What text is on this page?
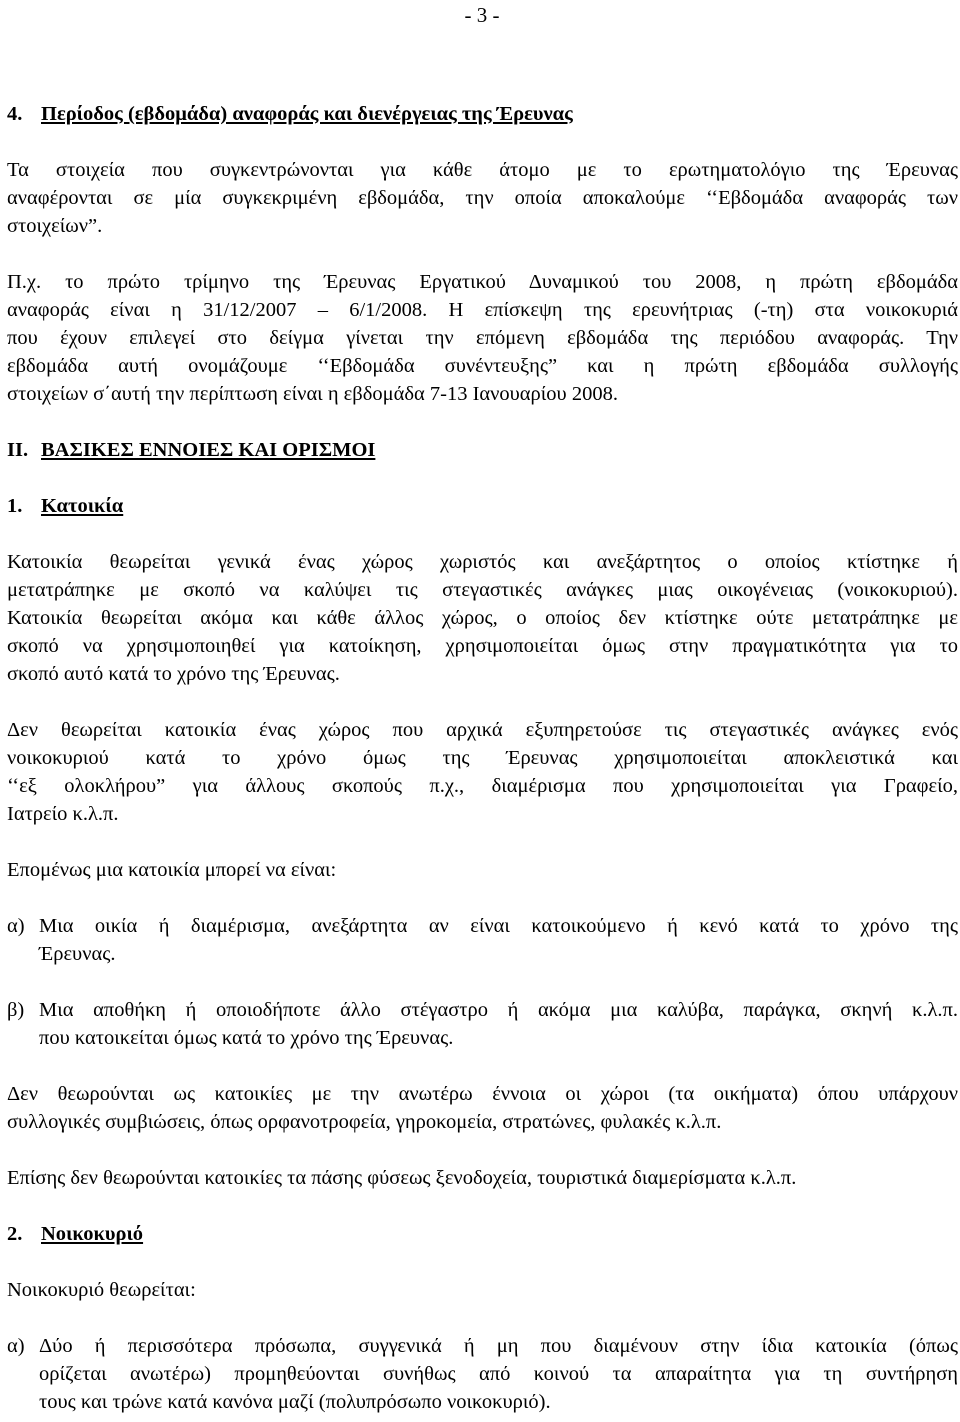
- 3 -
4. Περίοδος (εβδομάδα) αναφοράς και διενέργειας της Έρευνας
Τα στοιχεία που συγκεντρώνονται για κάθε άτομο με το ερωτηματολόγιο της Έρευνας
αναφέρονται σε μία συγκεκριμένη εβδομάδα, την οποία αποκαλούμε ‘‘Εβδομάδα αναφοράς των
στοιχείων”.
Π.χ. το πρώτο τρίμηνο της Έρευνας Εργατικού Δυναμικού του 2008, η πρώτη εβδομάδα
αναφοράς είναι η 31/12/2007 – 6/1/2008. Η επίσκεψη της ερευνήτριας (-τη) στα νοικοκυριά
που έχουν επιλεγεί στο δείγμα γίνεται την επόμενη εβδομάδα της περιόδου αναφοράς. Την
εβδομάδα αυτή ονομάζουμε ‘‘Εβδομάδα συνέντευξης” και η πρώτη εβδομάδα συλλογής
στοιχείων σ΄αυτή την περίπτωση είναι η εβδομάδα 7-13 Ιανουαρίου 2008.
ΙΙ. ΒΑΣΙΚΕΣ ΕΝΝΟΙΕΣ ΚΑΙ ΟΡΙΣΜΟΙ
1. Κατοικία
Κατοικία θεωρείται γενικά ένας χώρος χωριστός και ανεξάρτητος ο οποίος κτίστηκε ή
μετατράπηκε με σκοπό να καλύψει τις στεγαστικές ανάγκες μιας οικογένειας (νοικοκυριού).
Κατοικία θεωρείται ακόμα και κάθε άλλος χώρος, ο οποίος δεν κτίστηκε ούτε μετατράπηκε με
σκοπό να χρησιμοποιηθεί για κατοίκηση, χρησιμοποιείται όμως στην πραγματικότητα για το
σκοπό αυτό κατά το χρόνο της Έρευνας.
Δεν θεωρείται κατοικία ένας χώρος που αρχικά εξυπηρετούσε τις στεγαστικές ανάγκες ενός
νοικοκυριού κατά το χρόνο όμως της Έρευνας χρησιμοποιείται αποκλειστικά και
‘‘εξ ολοκλήρου” για άλλους σκοπούς π.χ., διαμέρισμα που χρησιμοποιείται για Γραφείο,
Ιατρείο κ.λ.π.
Επομένως μια κατοικία μπορεί να είναι:
α) Μια οικία ή διαμέρισμα, ανεξάρτητα αν είναι κατοικούμενο ή κενό κατά το χρόνο της
Έρευνας.
β) Μια αποθήκη ή οποιοδήποτε άλλο στέγαστρο ή ακόμα μια καλύβα, παράγκα, σκηνή κ.λ.π.
που κατοικείται όμως κατά το χρόνο της Έρευνας.
Δεν θεωρούνται ως κατοικίες με την ανωτέρω έννοια οι χώροι (τα οικήματα) όπου υπάρχουν
συλλογικές συμβιώσεις, όπως ορφανοτροφεία, γηροκομεία, στρατώνες, φυλακές κ.λ.π.
Επίσης δεν θεωρούνται κατοικίες τα πάσης φύσεως ξενοδοχεία, τουριστικά διαμερίσματα κ.λ.π.
2. Νοικοκυριό
Νοικοκυριό θεωρείται:
α) Δύο ή περισσότερα πρόσωπα, συγγενικά ή μη που διαμένουν στην ίδια κατοικία (όπως
ορίζεται ανωτέρω) προμηθεύονται συνήθως από κοινού τα απαραίτητα για τη συντήρηση
τους και τρώνε κατά κανόνα μαζί (πολυπρόσωπο νοικοκυριό).
